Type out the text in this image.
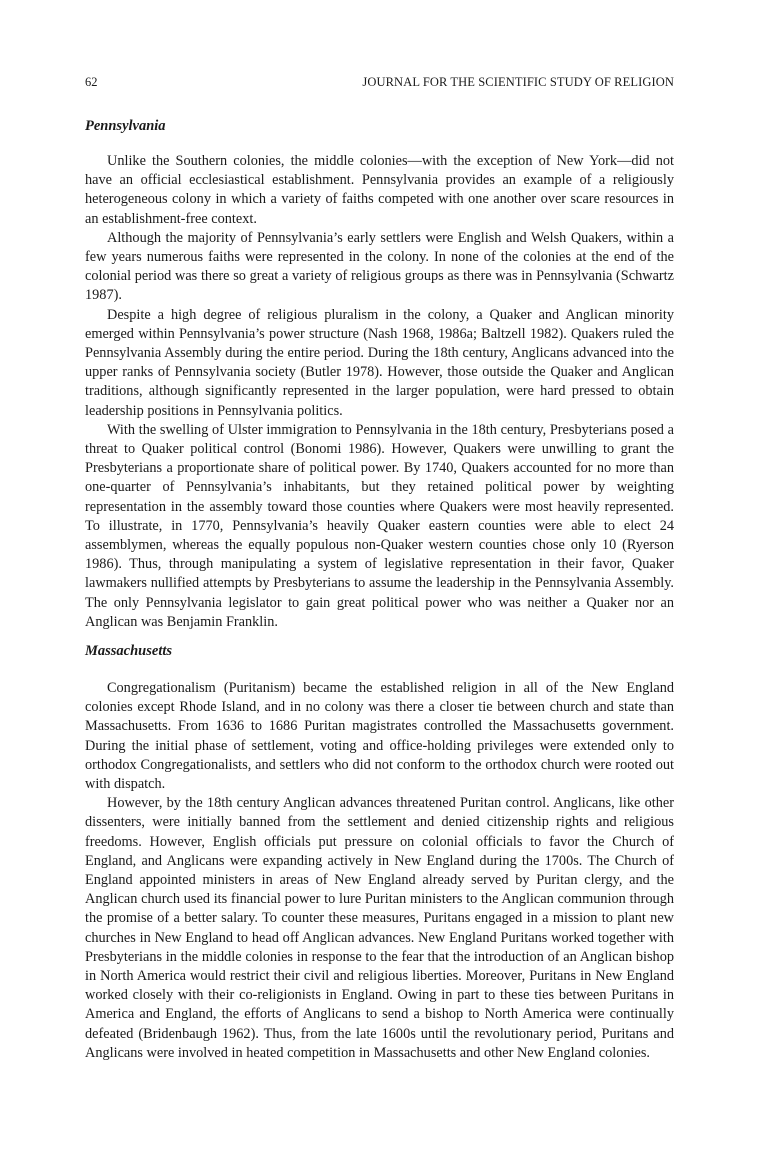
62	JOURNAL FOR THE SCIENTIFIC STUDY OF RELIGION
Pennsylvania

Unlike the Southern colonies, the middle colonies—with the exception of New York—did not have an official ecclesiastical establishment. Pennsylvania provides an example of a religiously heterogeneous colony in which a variety of faiths competed with one another over scare resources in an establishment-free context.

Although the majority of Pennsylvania’s early settlers were English and Welsh Quakers, within a few years numerous faiths were represented in the colony. In none of the colonies at the end of the colonial period was there so great a variety of religious groups as there was in Pennsylvania (Schwartz 1987).

Despite a high degree of religious pluralism in the colony, a Quaker and Anglican minority emerged within Pennsylvania’s power structure (Nash 1968, 1986a; Baltzell 1982). Quakers ruled the Pennsylvania Assembly during the entire period. During the 18th century, Anglicans advanced into the upper ranks of Pennsylvania society (Butler 1978). However, those outside the Quaker and Anglican traditions, although significantly represented in the larger population, were hard pressed to obtain leadership positions in Pennsylvania politics.

With the swelling of Ulster immigration to Pennsylvania in the 18th century, Presbyterians posed a threat to Quaker political control (Bonomi 1986). However, Quakers were unwilling to grant the Presbyterians a proportionate share of political power. By 1740, Quakers accounted for no more than one-quarter of Pennsylvania’s inhabitants, but they retained political power by weighting representation in the assembly toward those counties where Quakers were most heavily represented. To illustrate, in 1770, Pennsylvania’s heavily Quaker eastern counties were able to elect 24 assemblymen, whereas the equally populous non-Quaker western counties chose only 10 (Ryerson 1986). Thus, through manipulating a system of legislative representation in their favor, Quaker lawmakers nullified attempts by Presbyterians to assume the leadership in the Pennsylvania Assembly. The only Pennsylvania legislator to gain great political power who was neither a Quaker nor an Anglican was Benjamin Franklin.

Massachusetts

Congregationalism (Puritanism) became the established religion in all of the New England colonies except Rhode Island, and in no colony was there a closer tie between church and state than Massachusetts. From 1636 to 1686 Puritan magistrates controlled the Massachusetts government. During the initial phase of settlement, voting and office-holding privileges were extended only to orthodox Congregationalists, and settlers who did not conform to the orthodox church were rooted out with dispatch.

However, by the 18th century Anglican advances threatened Puritan control. Anglicans, like other dissenters, were initially banned from the settlement and denied citizenship rights and religious freedoms. However, English officials put pressure on colonial officials to favor the Church of England, and Anglicans were expanding actively in New England during the 1700s. The Church of England appointed ministers in areas of New England already served by Puritan clergy, and the Anglican church used its financial power to lure Puritan ministers to the Anglican communion through the promise of a better salary. To counter these measures, Puritans engaged in a mission to plant new churches in New England to head off Anglican advances. New England Puritans worked together with Presbyterians in the middle colonies in response to the fear that the introduction of an Anglican bishop in North America would restrict their civil and religious liberties. Moreover, Puritans in New England worked closely with their co-religionists in England. Owing in part to these ties between Puritans in America and England, the efforts of Anglicans to send a bishop to North America were continually defeated (Bridenbaugh 1962). Thus, from the late 1600s until the revolutionary period, Puritans and Anglicans were involved in heated competition in Massachusetts and other New England colonies.
